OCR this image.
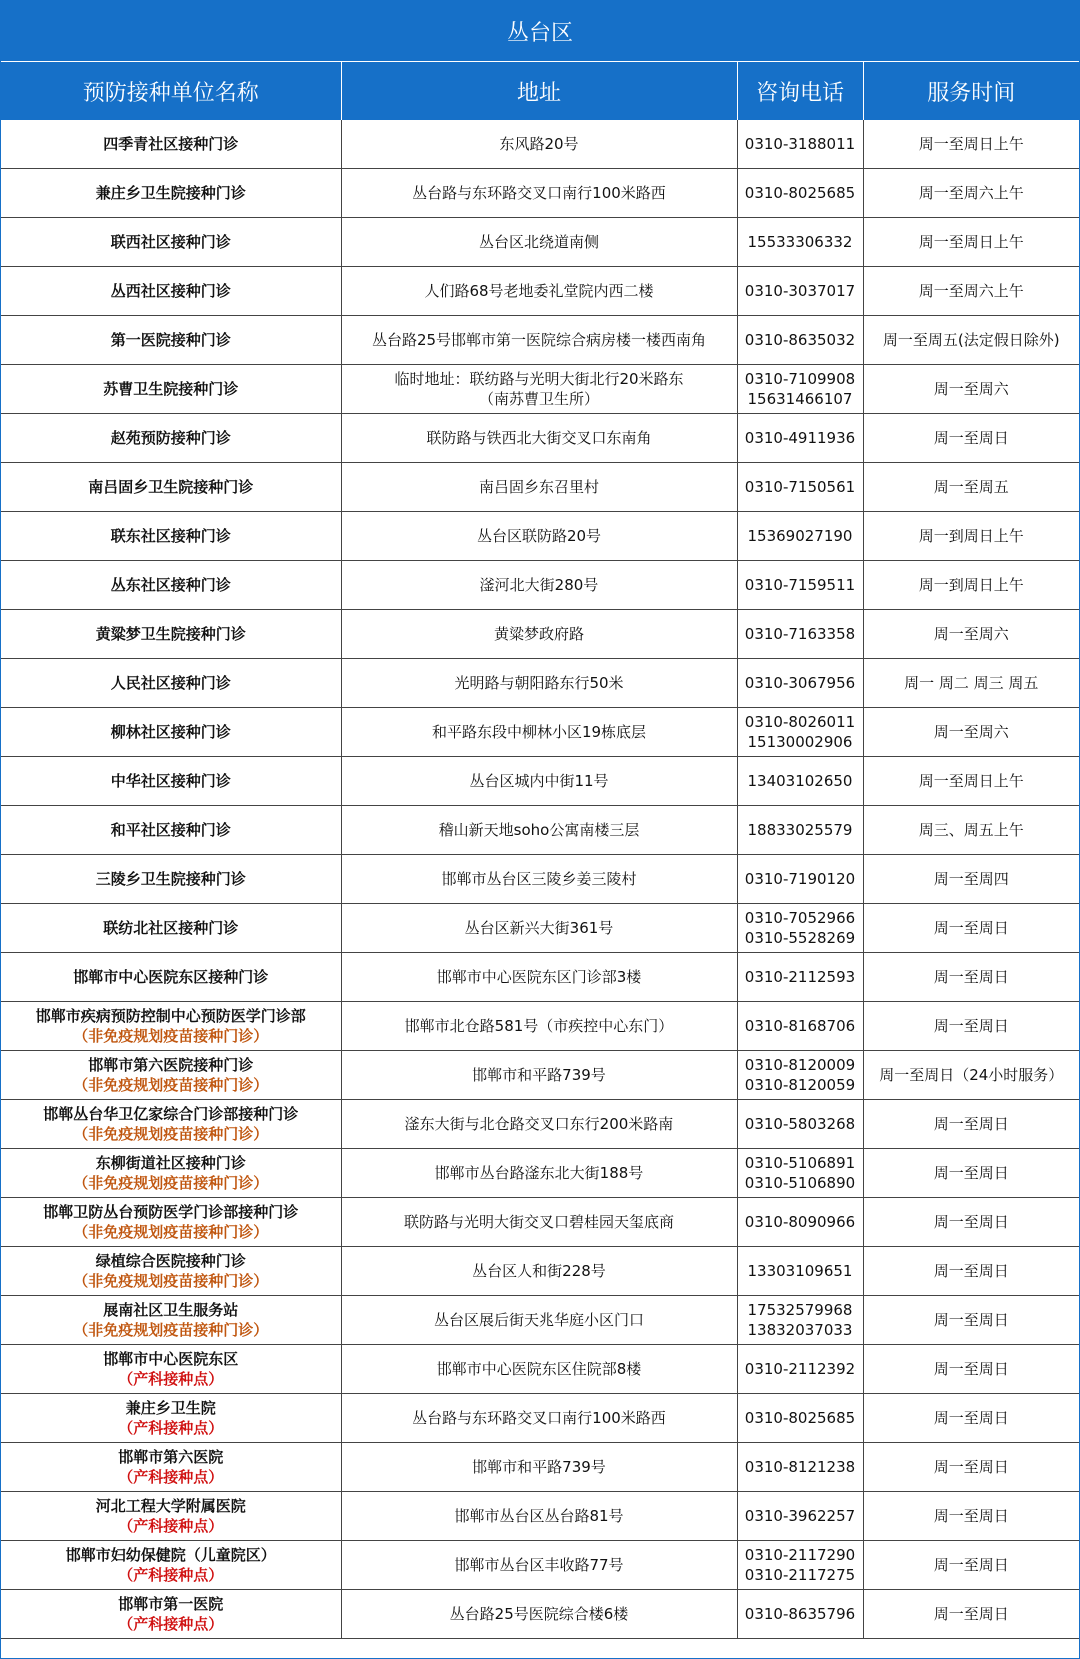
丛台区
预防接种单位名称	地址	咨询电话	服务时间

四季青社区接种门诊	东风路20号	0310-3188011	周一至周日上午

兼庄乡卫生院接种门诊	丛台路与东环路交叉口南行100米路西	0310-8025685	周一至周六上午

联西社区接种门诊	丛台区北绕道南侧	15533306332	周一至周日上午

丛西社区接种门诊	人们路68号老地委礼堂院内西二楼	0310-3037017	周一至周六上午

第一医院接种门诊	丛台路25号邯郸市第一医院综合病房楼一楼西南角	0310-8635032	周一至周五(法定假日除外)

苏曹卫生院接种门诊	临时地址：联纺路与光明大街北行20米路东
（南苏曹卫生所）	0310-7109908
15631466107	周一至周六

赵苑预防接种门诊	联防路与铁西北大街交叉口东南角	0310-4911936	周一至周日

南吕固乡卫生院接种门诊	南吕固乡东召里村	0310-7150561	周一至周五

联东社区接种门诊	丛台区联防路20号	15369027190	周一到周日上午

丛东社区接种门诊	滏河北大街280号	0310-7159511	周一到周日上午

黄粱梦卫生院接种门诊	黄粱梦政府路	0310-7163358	周一至周六

人民社区接种门诊	光明路与朝阳路东行50米	0310-3067956	周一 周二 周三 周五

柳林社区接种门诊	和平路东段中柳林小区19栋底层	0310-8026011
15130002906	周一至周六

中华社区接种门诊	丛台区城内中街11号	13403102650	周一至周日上午

和平社区接种门诊	稽山新天地soho公寓南楼三层	18833025579	周三、周五上午

三陵乡卫生院接种门诊	邯郸市丛台区三陵乡姜三陵村	0310-7190120	周一至周四

联纺北社区接种门诊	丛台区新兴大街361号	0310-7052966
0310-5528269	周一至周日

邯郸市中心医院东区接种门诊	邯郸市中心医院东区门诊部3楼	0310-2112593	周一至周日

邯郸市疾病预防控制中心预防医学门诊部
（非免疫规划疫苗接种门诊）	邯郸市北仓路581号（市疾控中心东门）	0310-8168706	周一至周日

邯郸市第六医院接种门诊
（非免疫规划疫苗接种门诊）	邯郸市和平路739号	0310-8120009
0310-8120059	周一至周日（24小时服务）

邯郸丛台华卫亿家综合门诊部接种门诊
（非免疫规划疫苗接种门诊）	滏东大街与北仓路交叉口东行200米路南	0310-5803268	周一至周日

东柳街道社区接种门诊
（非免疫规划疫苗接种门诊）	邯郸市丛台路滏东北大街188号	0310-5106891
0310-5106890	周一至周日

邯郸卫防丛台预防医学门诊部接种门诊
（非免疫规划疫苗接种门诊）	联防路与光明大街交叉口碧桂园天玺底商	0310-8090966	周一至周日

绿植综合医院接种门诊
（非免疫规划疫苗接种门诊）	丛台区人和街228号	13303109651	周一至周日

展南社区卫生服务站
（非免疫规划疫苗接种门诊）	丛台区展后街天兆华庭小区门口	17532579968
13832037033	周一至周日

邯郸市中心医院东区
（产科接种点）	邯郸市中心医院东区住院部8楼	0310-2112392	周一至周日

兼庄乡卫生院
（产科接种点）	丛台路与东环路交叉口南行100米路西	0310-8025685	周一至周日

邯郸市第六医院
（产科接种点）	邯郸市和平路739号	0310-8121238	周一至周日

河北工程大学附属医院
（产科接种点）	邯郸市丛台区丛台路81号	0310-3962257	周一至周日

邯郸市妇幼保健院（儿童院区）
（产科接种点）	邯郸市丛台区丰收路77号	0310-2117290
0310-2117275	周一至周日

邯郸市第一医院
（产科接种点）	丛台路25号医院综合楼6楼	0310-8635796	周一至周日
